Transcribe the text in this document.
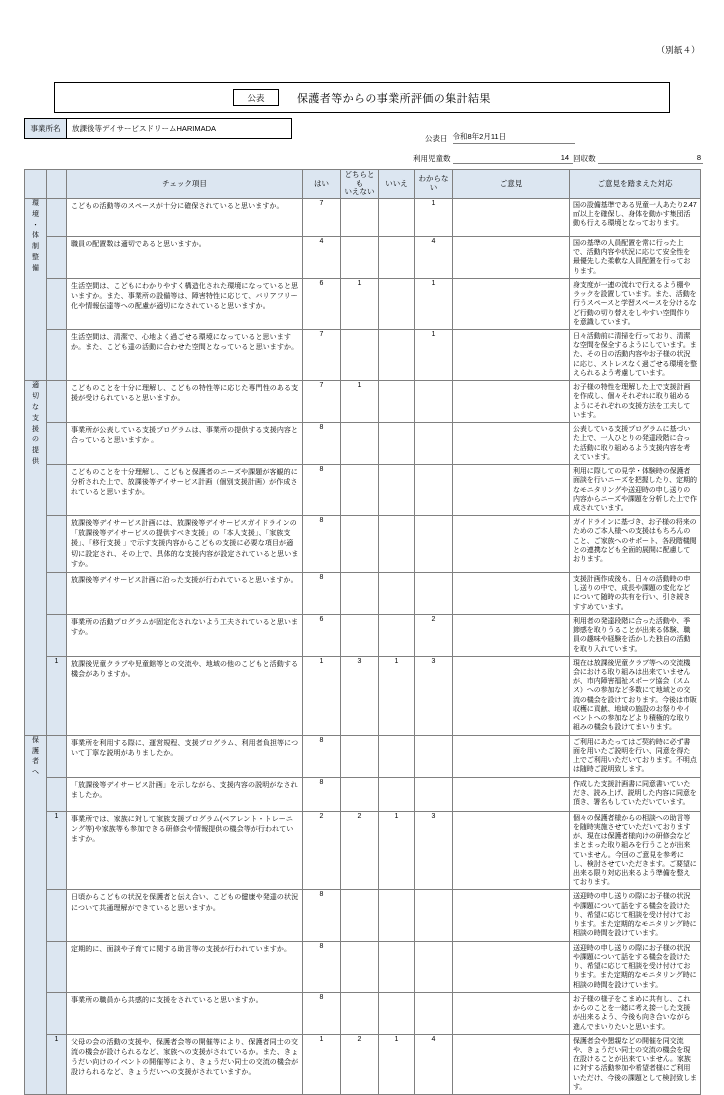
（別紙４）
公表	保護者等からの事業所評価の集計結果
事業所名	放課後等デイサービスドリームHARIMADA
公表日 令和8年2月11日
利用児童数	14 回収数	8
		チェック項目	はい	どちらとも
いえない	いいえ	わからない	ご意見	ご意見を踏まえた対応

環
境
・
体
制
整
備
		こどもの活動等のスペースが十分に確保されていると思いますか。	7			1		国の設備基準である児童一人あたり2.47㎡以上を確保し、身体を動かす集団活動も行える環境となっております。
		職員の配置数は適切であると思いますか。	4			4		国の基準の人員配置を常に行った上で、活動内容や状況に応じて安全性を最優先した柔軟な人員配置を行っております。
		生活空間は、こどもにわかりやすく構造化された環境になっていると思いますか。また、事業所の設備等は、障害特性に応じて、バリアフリー化や情報伝達等への配慮が適切になされていると思いますか。	6	1		1		身支度が一連の流れで行えるよう棚やラックを設置しています。また、活動を行うスペースと学習スペースを分けるなど行動の切り替えをしやすい空間作りを意識しています。
		生活空間は、清潔で、心地よく過ごせる環境になっていると思いますか。また、こども達の活動に合わせた空間となっていると思いますか。	7			1		日々活動前に清掃を行っており、清潔な空間を保全するようにしています。また、その日の活動内容やお子様の状況に応じ、ストレスなく過ごせる環境を整えられるよう考慮しています。

適
切
な
支
援
の
提
供
		こどものことを十分に理解し、こどもの特性等に応じた専門性のある支援が受けられていると思いますか。	7	1				お子様の特性を理解した上で支援計画を作成し、個々それぞれに取り組めるようにそれぞれの支援方法を工夫しています。
		事業所が公表している支援プログラムは、事業所の提供する支援内容と合っていると思いますか 。	8					公表している支援プログラムに基づいた上で、一人ひとりの発達段階に合った活動に取り組めるよう支援内容を考えています。
		こどものことを十分理解し、こどもと保護者のニーズや課題が客観的に分析された上で、放課後等デイサービス計画（個別支援計画）が作成されていると思いますか。	8					利用に際しての見学・体験時の保護者面談を行いニーズを把握したり、定期的なモニタリングや送迎時の申し送りの内容からニーズや課題を分析した上で作成されています。
		放課後等デイサービス計画には、放課後等デイサービスガイドラインの「放課後等デイサービスの提供すべき支援」の「本人支援」、「家族支援」、「移行支援 」で示す支援内容からこどもの支援に必要な項目が適切に設定され、その上で、具体的な支援内容が設定されていると思いますか。	8					ガイドラインに基づき、お子様の将来のためのご本人様への支援はもちろんのこと、ご家族へのサポート、各段階機関との連携なども全面的展開に配慮しております。
		放課後等デイサービス計画に沿った支援が行われていると思いますか。	8					支援計画作成後も、日々の活動時の申し送りの中で、成長や課題の変化などについて随時の共有を行い、引き続きすすめています。
		事業所の活動プログラムが固定化されないよう工夫されていると思いますか。	6			2		利用者の発達段階に合った活動や、季節感を取りうることが出来る体験、職員の趣味や経験を活かした独自の活動を取り入れています。
	1	放課後児童クラブや児童館等との交流や、地域の他のこどもと活動する機会がありますか。	1	3	1	3		現在は放課後児童クラブ等への交流機会における取り組みは出来ていませんが、市内障害福祉スポーツ協会（スムス）への参加など多数にて地域との交流の機会を設けております。今後は市販収穫に貢献、地域の施設のお祭りやイベントへの参加などより積極的な取り組みの機会も設けてまいります。

保
護
者
へ		事業所を利用する際に、運営規程、支援プログラム、利用者負担等について丁寧な説明がありましたか。	8					ご利用にあたってはご契約時に必ず書面を用いたご説明を行い、同意を得た上でご利用いただいております。不明点は随時ご説明致します。
		「放課後等デイサービス計画」を示しながら、支援内容の説明がなされましたか。	8					作成した支援計画書に同意書いていただき、読み上げ、説明した内容に同意を頂き、署名もしていただいています。
	1	事業所では、家族に対して家族支援プログラム(ペアレント・トレーニング等)や家族等も参加できる研修会や情報提供の機会等が行われていますか。	2	2	1	3		個々の保護者様からの相談への助言等を随時実施させていただいておりますが、現在は保護者様向けの研修会などまとまった取り組みを行うことが出来ていません。今回のご意見を参考にし、検討させていただきます。ご要望に出来る限り対応出来るよう準備を整えております。
		日頃からこどもの状況を保護者と伝え合い、こどもの健康や発達の状況について共通理解ができていると思いますか。	8					送迎時の申し送りの際にお子様の状況や課題について話をする機会を設けたり、希望に応じて相談を受け付けております。また定期的なモニタリング時に相談の時間を設けています。
		定期的に、面談や子育てに関する助言等の支援が行われていますか。	8					送迎時の申し送りの際にお子様の状況や課題について話をする機会を設けたり、希望に応じて相談を受け付けております。また定期的なモニタリング時に相談の時間を設けています。
		事業所の職員から共感的に支援をされていると思いますか。	8					お子様の様子をこまめに共有し、これからのことを一緒に考え接一した支援が出来るよう、今後も向き合いながら進んでまいりたいと思います。
	1	父母の会の活動の支援や、保護者会等の開催等により、保護者同士の交流の機会が設けられるなど、家族への支援がされているか。また、きょうだい向けのイベントの開催等により、きょうだい同士の交流の機会が設けられるなど、きょうだいへの支援がされていますか。	1	2	1	4		保護者会や懇親などの開催を同交流や、きょうだい同士の交流の機会を現在設けることが出来ていません。家族に対する活動参加や希望者様にご利用いただけ、今後の課題として検討致します。
